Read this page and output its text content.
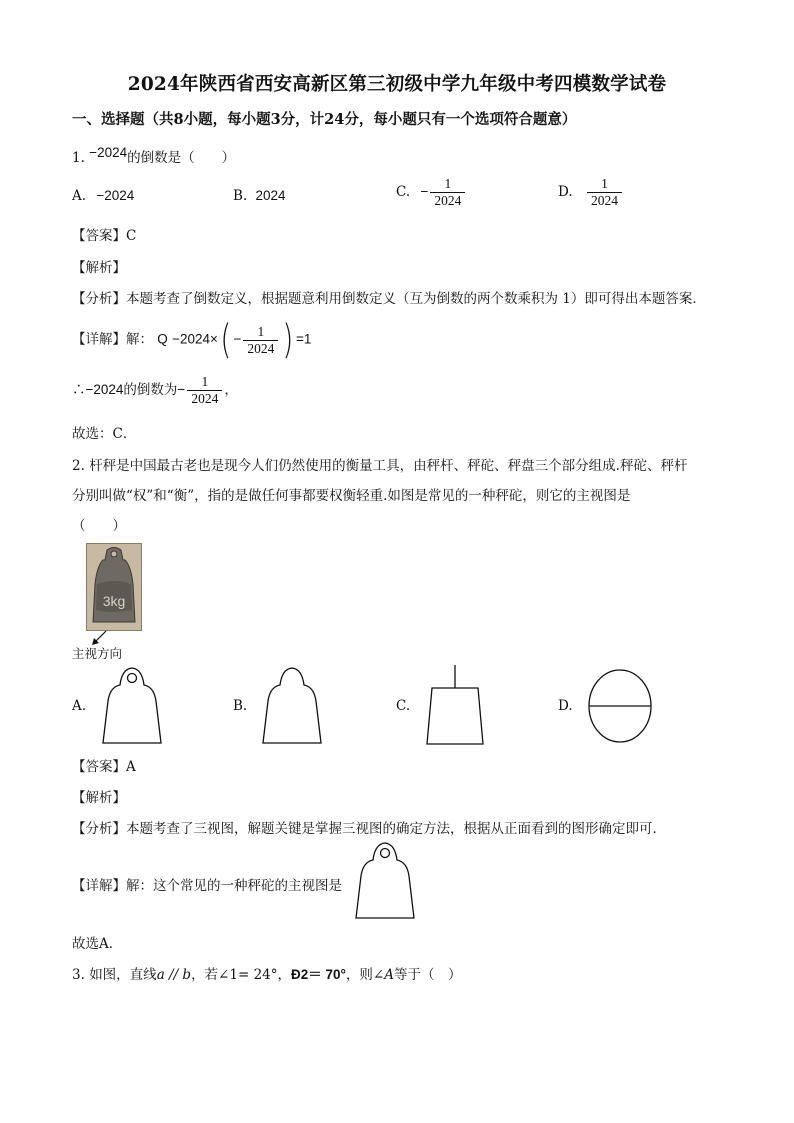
2024年陕西省西安高新区第三初级中学九年级中考四模数学试卷
一、选择题（共8小题，每小题3分，计24分，每小题只有一个选项符合题意）
1. −2024的倒数是（　　）
A. −2024	B. 2024	C. − $\frac{1}{2024}$	D. $\frac{1}{2024}$
【答案】C
【解析】
【分析】本题考查了倒数定义，根据题意利用倒数定义（互为倒数的两个数乘积为 1）即可得出本题答案．
【详解】解： $Q -2024\times( - \frac{1}{2024}$ ) =1
∴−2024的倒数为− $\frac{1}{2024}$ ，
故选：C．
2. 杆秤是中国最古老也是现今人们仍然使用的衡量工具，由秤杆、秤砣、秤盘三个部分组成.秤砣、秤杆
分别叫做“权”和“衡”，指的是做任何事都要权衡轻重.如图是常见的一种秤砣，则它的主视图是
（　　）
3kg
主视方向
A.	B.	C.	D.
【答案】A
【解析】
【分析】本题考查了三视图，解题关键是掌握三视图的确定方法，根据从正面看到的图形确定即可．
【详解】解：这个常见的一种秤砣的主视图是
故选A．
3. 如图，直线a // b，若∠1= 24°，Ð2＝ 70°，则∠A等于（　）
